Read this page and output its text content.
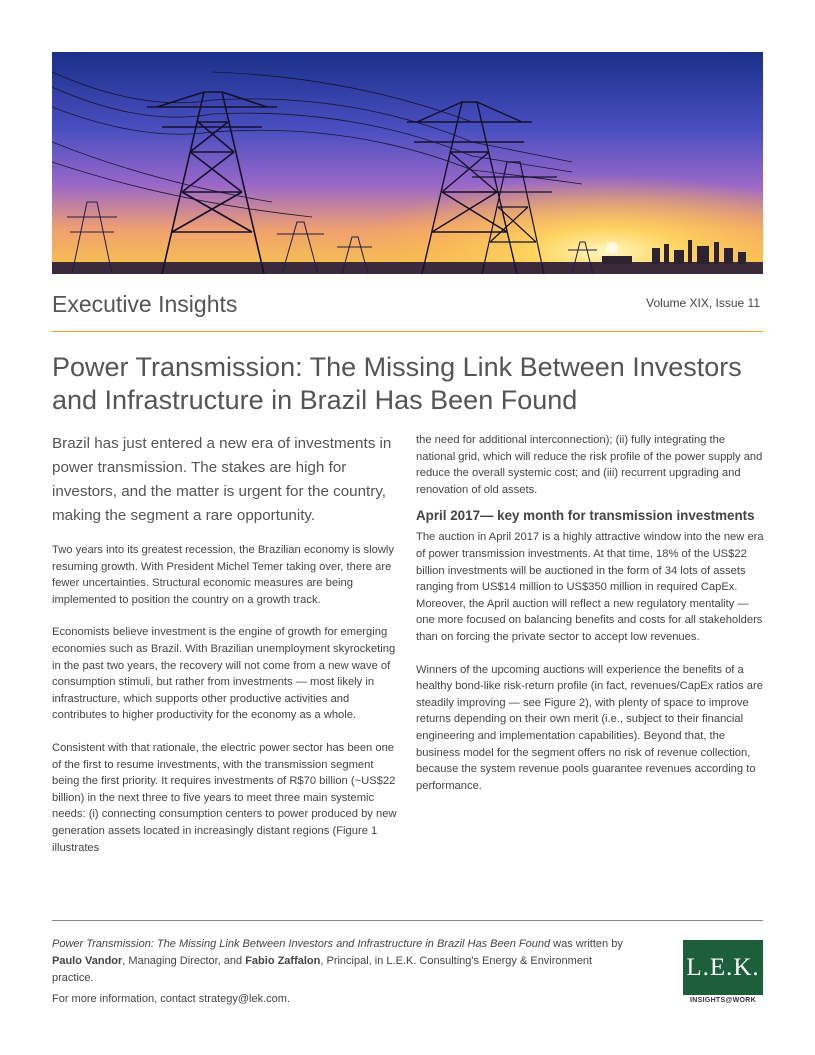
Executive Insights	Volume XIX, Issue 11
Power Transmission: The Missing Link Between Investors and Infrastructure in Brazil Has Been Found

Brazil has just entered a new era of investments in power transmission. The stakes are high for investors, and the matter is urgent for the country, making the segment a rare opportunity.

Two years into its greatest recession, the Brazilian economy is slowly resuming growth. With President Michel Temer taking over, there are fewer uncertainties. Structural economic measures are being implemented to position the country on a growth track.

Economists believe investment is the engine of growth for emerging economies such as Brazil. With Brazilian unemployment skyrocketing in the past two years, the recovery will not come from a new wave of consumption stimuli, but rather from investments — most likely in infrastructure, which supports other productive activities and contributes to higher productivity for the economy as a whole.

Consistent with that rationale, the electric power sector has been one of the first to resume investments, with the transmission segment being the first priority. It requires investments of R$70 billion (~US$22 billion) in the next three to five years to meet three main systemic needs: (i) connecting consumption centers to power produced by new generation assets located in increasingly distant regions (Figure 1 illustrates

the need for additional interconnection); (ii) fully integrating the national grid, which will reduce the risk profile of the power supply and reduce the overall systemic cost; and (iii) recurrent upgrading and renovation of old assets.

April 2017— key month for transmission investments

The auction in April 2017 is a highly attractive window into the new era of power transmission investments. At that time, 18% of the US$22 billion investments will be auctioned in the form of 34 lots of assets ranging from US$14 million to US$350 million in required CapEx. Moreover, the April auction will reflect a new regulatory mentality — one more focused on balancing benefits and costs for all stakeholders than on forcing the private sector to accept low revenues.

Winners of the upcoming auctions will experience the benefits of a healthy bond-like risk-return profile (in fact, revenues/CapEx ratios are steadily improving — see Figure 2), with plenty of space to improve returns depending on their own merit (i.e., subject to their financial engineering and implementation capabilities). Beyond that, the business model for the segment offers no risk of revenue collection, because the system revenue pools guarantee revenues according to performance.

Power Transmission: The Missing Link Between Investors and Infrastructure in Brazil Has Been Found was written by Paulo Vandor, Managing Director, and Fabio Zaffalon, Principal, in L.E.K. Consulting's Energy & Environment practice.

For more information, contact strategy@lek.com.

L.E.K.
INSIGHTS@WORK
